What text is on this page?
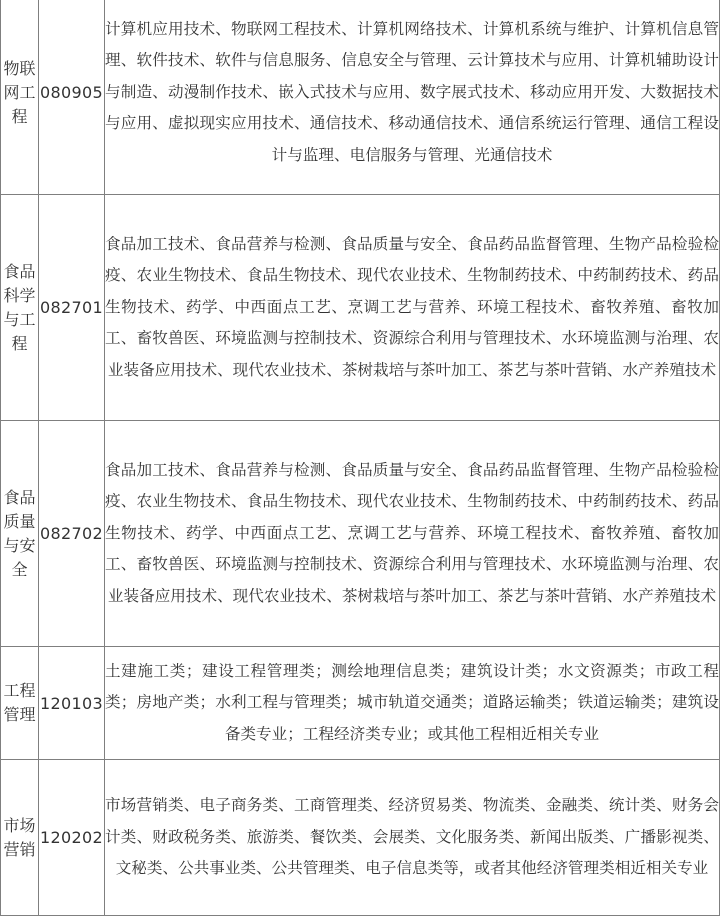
物联网工程	080905	计算机应用技术、物联网工程技术、计算机网络技术、计算机系统与维护、计算机信息管理、软件技术、软件与信息服务、信息安全与管理、云计算技术与应用、计算机辅助设计与制造、动漫制作技术、嵌入式技术与应用、数字展式技术、移动应用开发、大数据技术与应用、虚拟现实应用技术、通信技术、移动通信技术、通信系统运行管理、通信工程设计与监理、电信服务与管理、光通信技术

食品科学与工程	082701	食品加工技术、食品营养与检测、食品质量与安全、食品药品监督管理、生物产品检验检疫、农业生物技术、食品生物技术、现代农业技术、生物制药技术、中药制药技术、药品生物技术、药学、中西面点工艺、烹调工艺与营养、环境工程技术、畜牧养殖、畜牧加工、畜牧兽医、环境监测与控制技术、资源综合利用与管理技术、水环境监测与治理、农业装备应用技术、现代农业技术、茶树栽培与茶叶加工、茶艺与茶叶营销、水产养殖技术

食品质量与安全	082702	食品加工技术、食品营养与检测、食品质量与安全、食品药品监督管理、生物产品检验检疫、农业生物技术、食品生物技术、现代农业技术、生物制药技术、中药制药技术、药品生物技术、药学、中西面点工艺、烹调工艺与营养、环境工程技术、畜牧养殖、畜牧加工、畜牧兽医、环境监测与控制技术、资源综合利用与管理技术、水环境监测与治理、农业装备应用技术、现代农业技术、茶树栽培与茶叶加工、茶艺与茶叶营销、水产养殖技术

工程管理	120103	土建施工类；建设工程管理类；测绘地理信息类；建筑设计类；水文资源类；市政工程类；房地产类；水利工程与管理类；城市轨道交通类；道路运输类；铁道运输类；建筑设备类专业；工程经济类专业；或其他工程相近相关专业

市场营销	120202	市场营销类、电子商务类、工商管理类、经济贸易类、物流类、金融类、统计类、财务会计类、财政税务类、旅游类、餐饮类、会展类、文化服务类、新闻出版类、广播影视类、文秘类、公共事业类、公共管理类、电子信息类等，或者其他经济管理类相近相关专业
